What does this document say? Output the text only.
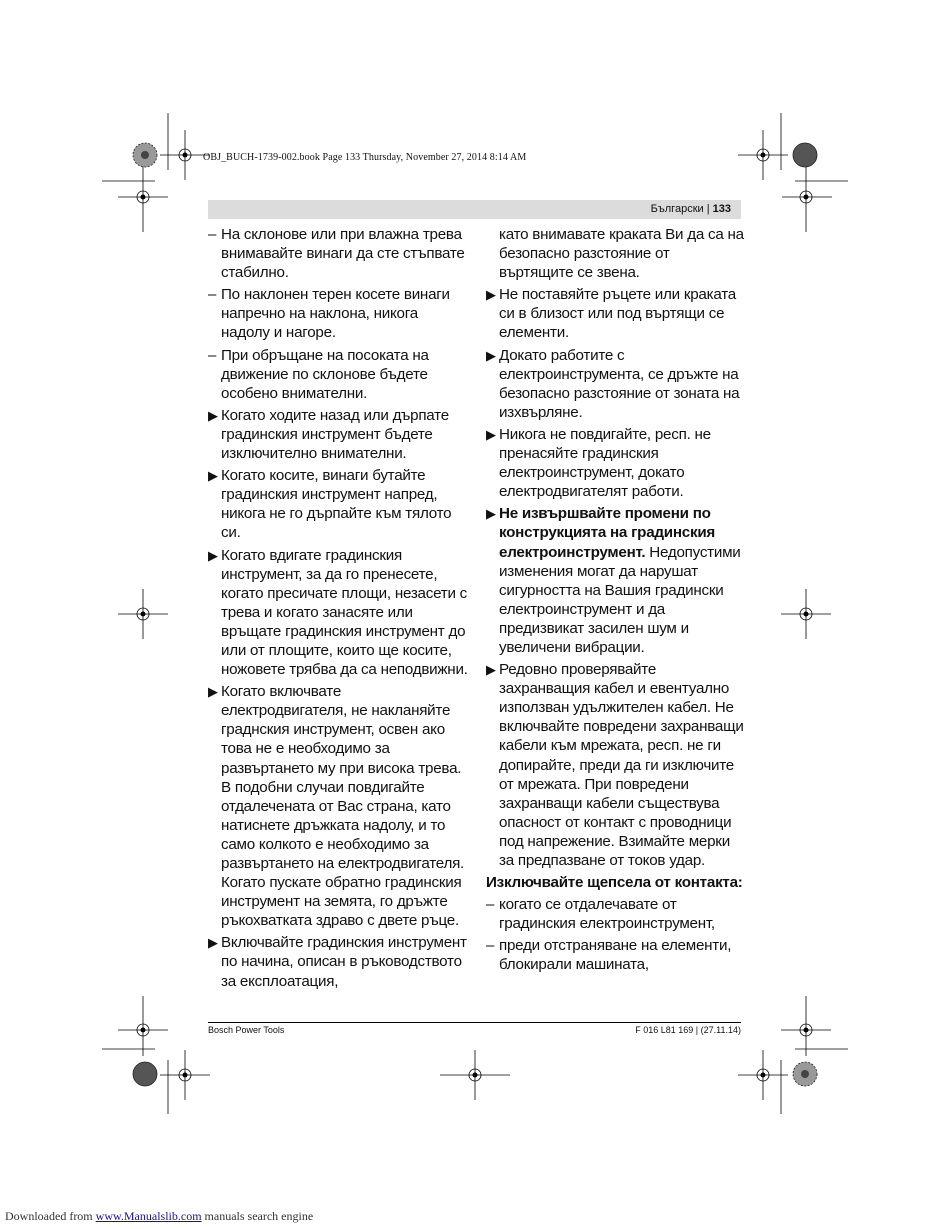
OBJ_BUCH-1739-002.book Page 133 Thursday, November 27, 2014 8:14 AM
Български | 133
– На склонове или при влажна трева внимавайте винаги да сте стъпвате стабилно.
– По наклонен терен косете винаги напречно на наклона, никога надолу и нагоре.
– При обръщане на посоката на движение по склонове бъдете особено внимателни.
▶ Когато ходите назад или дърпате градинския инструмент бъдете изключително внимателни.
▶ Когато косите, винаги бутайте градинския инструмент напред, никога не го дърпайте към тялото си.
▶ Когато вдигате градинския инструмент, за да го пренесете, когато пресичате площи, незасети с трева и когато занасяте или връщате градинския инструмент до или от площите, които ще косите, ножовете трябва да са неподвижни.
▶ Когато включвате електродвигателя, не накланяйте граднския инструмент, освен ако това не е необходимо за развъртането му при висока трева. В подобни случаи повдигайте отдалечената от Вас страна, като натиснете дръжката надолу, и то само колкото е необходимо за развъртането на електродвигателя. Когато пускате обратно градинския инструмент на земята, го дръжте ръкохватката здраво с двете ръце.
▶ Включвайте градинския инструмент по начина, описан в ръководството за експлоатация,
като внимавате краката Ви да са на безопасно разстояние от въртящите се звена.
▶ Не поставяйте ръцете или краката си в близост или под въртящи се елементи.
▶ Докато работите с електроинструмента, се дръжте на безопасно разстояние от зоната на изхвърляне.
▶ Никога не повдигайте, респ. не пренасяйте градинския електроинструмент, докато електродвигателят работи.
▶ Не извършвайте промени по конструкцията на градинския електроинструмент. Недопустими изменения могат да нарушат сигурността на Вашия градински електроинструмент и да предизвикат засилен шум и увеличени вибрации.
▶ Редовно проверявайте захранващия кабел и евентуално използван удължителен кабел. Не включвайте повредени захранващи кабели към мрежата, респ. не ги допирайте, преди да ги изключите от мрежата. При повредени захранващи кабели съществува опасност от контакт с проводници под напрежение. Взимайте мерки за предпазване от токов удар.
Изключвайте щепсела от контакта:
– когато се отдалечавате от градинския електроинструмент,
– преди отстраняване на елементи, блокирали машината,
Bosch Power Tools	F 016 L81 169 | (27.11.14)
Downloaded from www.Manualslib.com manuals search engine
